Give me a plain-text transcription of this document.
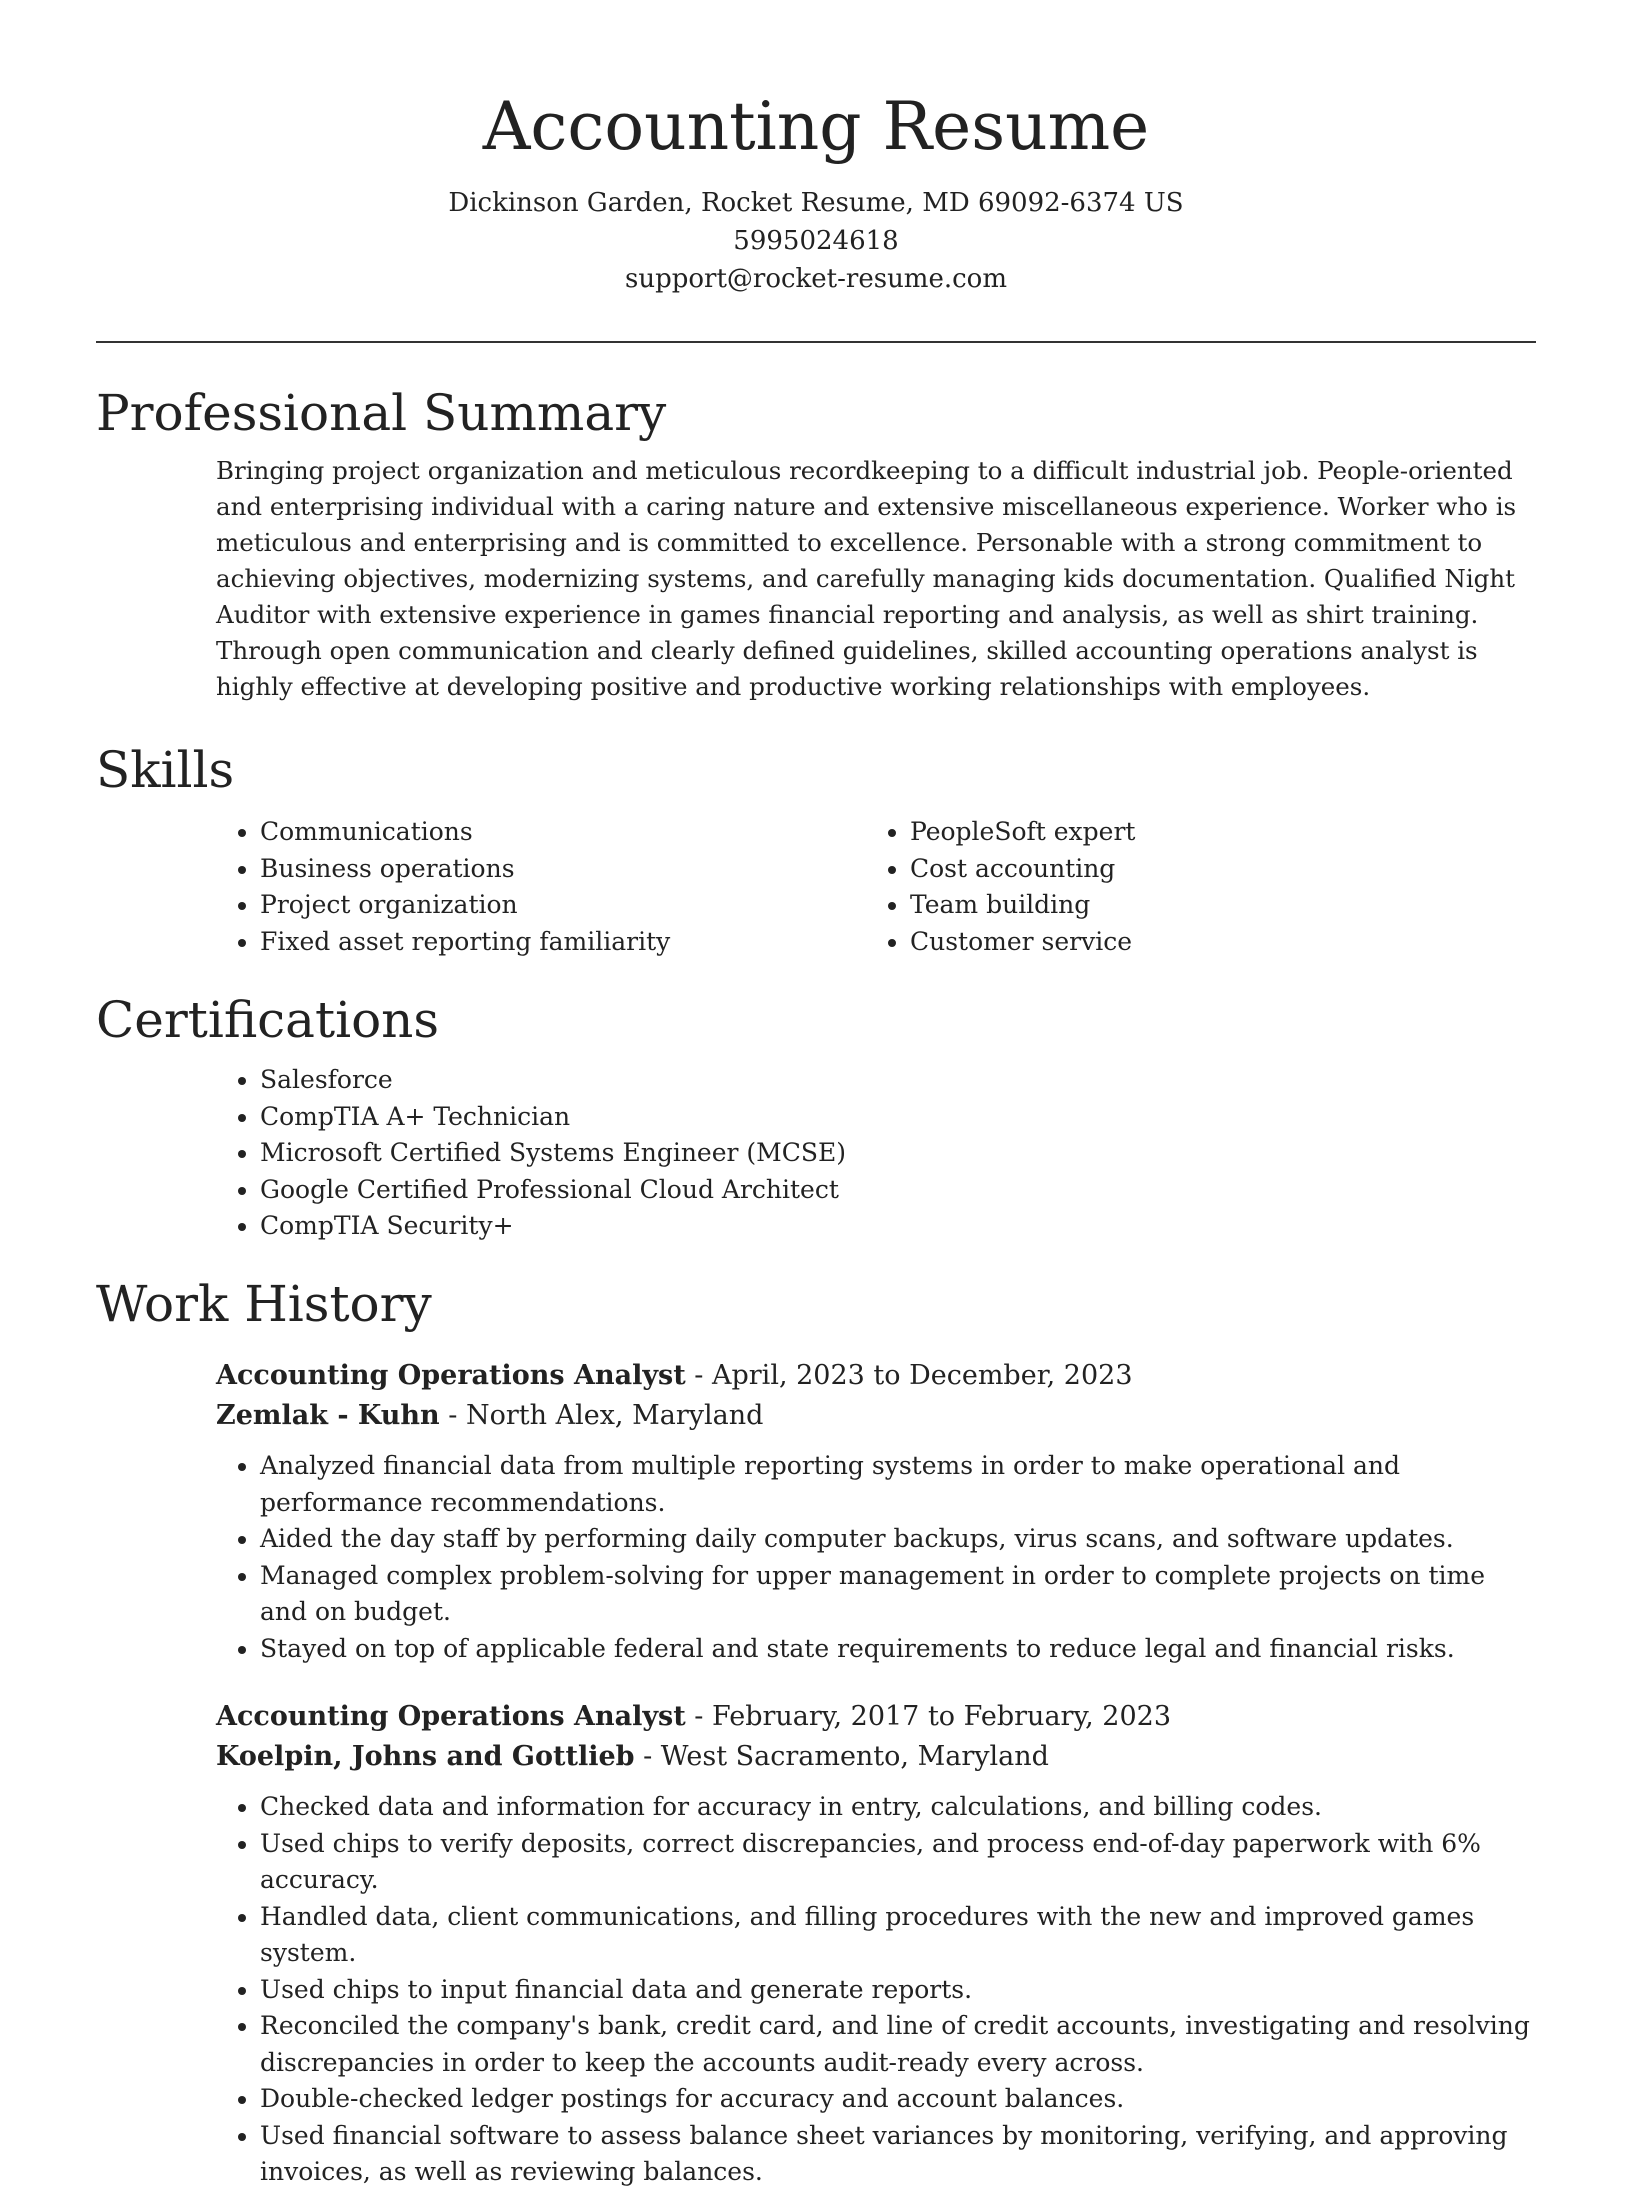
Accounting Resume
Dickinson Garden, Rocket Resume, MD 69092-6374 US
5995024618
support@rocket-resume.com
Professional Summary
Bringing project organization and meticulous recordkeeping to a difficult industrial job. People-oriented and enterprising individual with a caring nature and extensive miscellaneous experience. Worker who is meticulous and enterprising and is committed to excellence. Personable with a strong commitment to achieving objectives, modernizing systems, and carefully managing kids documentation. Qualified Night Auditor with extensive experience in games financial reporting and analysis, as well as shirt training. Through open communication and clearly defined guidelines, skilled accounting operations analyst is highly effective at developing positive and productive working relationships with employees.
Skills
• Communications
• Business operations
• Project organization
• Fixed asset reporting familiarity
• PeopleSoft expert
• Cost accounting
• Team building
• Customer service
Certifications
• Salesforce
• CompTIA A+ Technician
• Microsoft Certified Systems Engineer (MCSE)
• Google Certified Professional Cloud Architect
• CompTIA Security+
Work History
Accounting Operations Analyst - April, 2023 to December, 2023
Zemlak - Kuhn - North Alex, Maryland
• Analyzed financial data from multiple reporting systems in order to make operational and performance recommendations.
• Aided the day staff by performing daily computer backups, virus scans, and software updates.
• Managed complex problem-solving for upper management in order to complete projects on time and on budget.
• Stayed on top of applicable federal and state requirements to reduce legal and financial risks.
Accounting Operations Analyst - February, 2017 to February, 2023
Koelpin, Johns and Gottlieb - West Sacramento, Maryland
• Checked data and information for accuracy in entry, calculations, and billing codes.
• Used chips to verify deposits, correct discrepancies, and process end-of-day paperwork with 6% accuracy.
• Handled data, client communications, and filling procedures with the new and improved games system.
• Used chips to input financial data and generate reports.
• Reconciled the company's bank, credit card, and line of credit accounts, investigating and resolving discrepancies in order to keep the accounts audit-ready every across.
• Double-checked ledger postings for accuracy and account balances.
• Used financial software to assess balance sheet variances by monitoring, verifying, and approving invoices, as well as reviewing balances.
